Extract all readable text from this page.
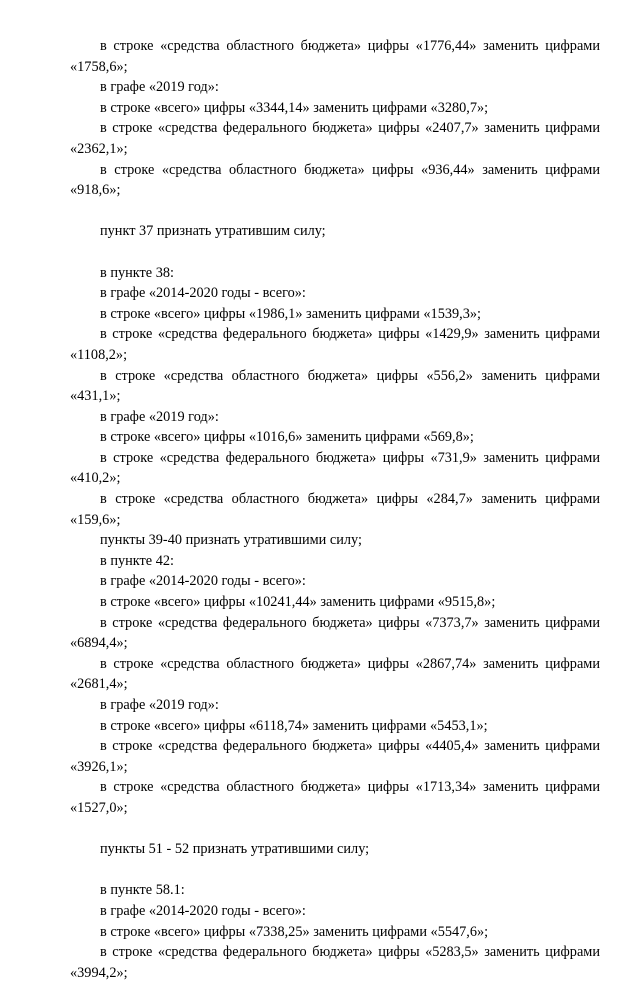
в строке «средства областного бюджета» цифры «1776,44» заменить цифрами «1758,6»;

в графе «2019 год»:

в строке «всего» цифры «3344,14» заменить цифрами «3280,7»;

в строке «средства федерального бюджета» цифры «2407,7» заменить цифрами «2362,1»;

в строке «средства областного бюджета» цифры «936,44» заменить цифрами «918,6»;

пункт 37 признать утратившим силу;

в пункте 38:

в графе «2014-2020 годы - всего»:

в строке «всего» цифры «1986,1» заменить цифрами «1539,3»;

в строке «средства федерального бюджета» цифры «1429,9» заменить цифрами «1108,2»;

в строке «средства областного бюджета» цифры «556,2» заменить цифрами «431,1»;

в графе «2019 год»:

в строке «всего» цифры «1016,6» заменить цифрами «569,8»;

в строке «средства федерального бюджета» цифры «731,9» заменить цифрами «410,2»;

в строке «средства областного бюджета» цифры «284,7» заменить цифрами «159,6»;

пункты 39-40 признать утратившими силу;

в пункте 42:

в графе «2014-2020 годы - всего»:

в строке «всего» цифры «10241,44» заменить цифрами «9515,8»;

в строке «средства федерального бюджета» цифры «7373,7» заменить цифрами «6894,4»;

в строке «средства областного бюджета» цифры «2867,74» заменить цифрами «2681,4»;

в графе «2019 год»:

в строке «всего» цифры «6118,74» заменить цифрами «5453,1»;

в строке «средства федерального бюджета» цифры «4405,4» заменить цифрами «3926,1»;

в строке «средства областного бюджета» цифры «1713,34» заменить цифрами «1527,0»;

пункты 51 - 52 признать утратившими силу;

в пункте 58.1:

в графе «2014-2020 годы - всего»:

в строке «всего» цифры «7338,25» заменить цифрами «5547,6»;

в строке «средства федерального бюджета» цифры «5283,5» заменить цифрами «3994,2»;
